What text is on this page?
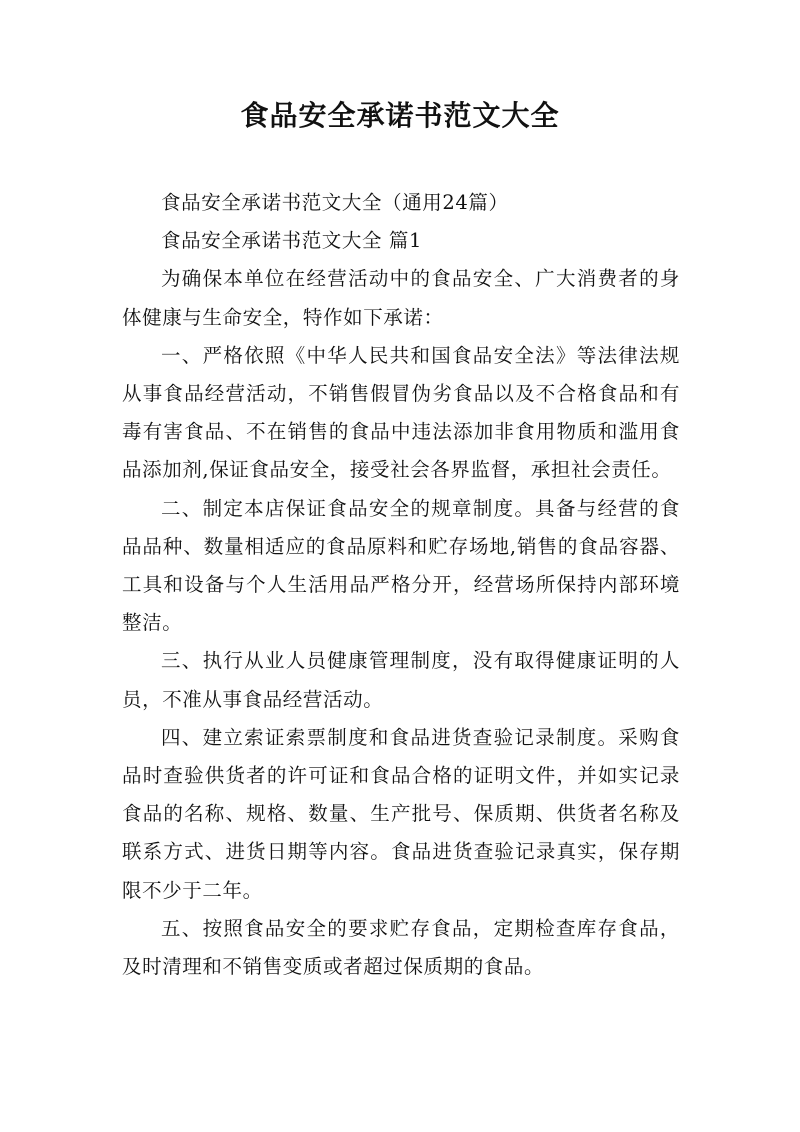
食品安全承诺书范文大全

食品安全承诺书范文大全（通用24篇）

食品安全承诺书范文大全 篇1

为确保本单位在经营活动中的食品安全、广大消费者的身体健康与生命安全，特作如下承诺：

一、严格依照《中华人民共和国食品安全法》等法律法规从事食品经营活动，不销售假冒伪劣食品以及不合格食品和有毒有害食品、不在销售的食品中违法添加非食用物质和滥用食品添加剂,保证食品安全，接受社会各界监督，承担社会责任。

二、制定本店保证食品安全的规章制度。具备与经营的食品品种、数量相适应的食品原料和贮存场地,销售的食品容器、工具和设备与个人生活用品严格分开，经营场所保持内部环境整洁。

三、执行从业人员健康管理制度，没有取得健康证明的人员，不准从事食品经营活动。

四、建立索证索票制度和食品进货查验记录制度。采购食品时查验供货者的许可证和食品合格的证明文件，并如实记录食品的名称、规格、数量、生产批号、保质期、供货者名称及联系方式、进货日期等内容。食品进货查验记录真实，保存期限不少于二年。

五、按照食品安全的要求贮存食品，定期检查库存食品，及时清理和不销售变质或者超过保质期的食品。
